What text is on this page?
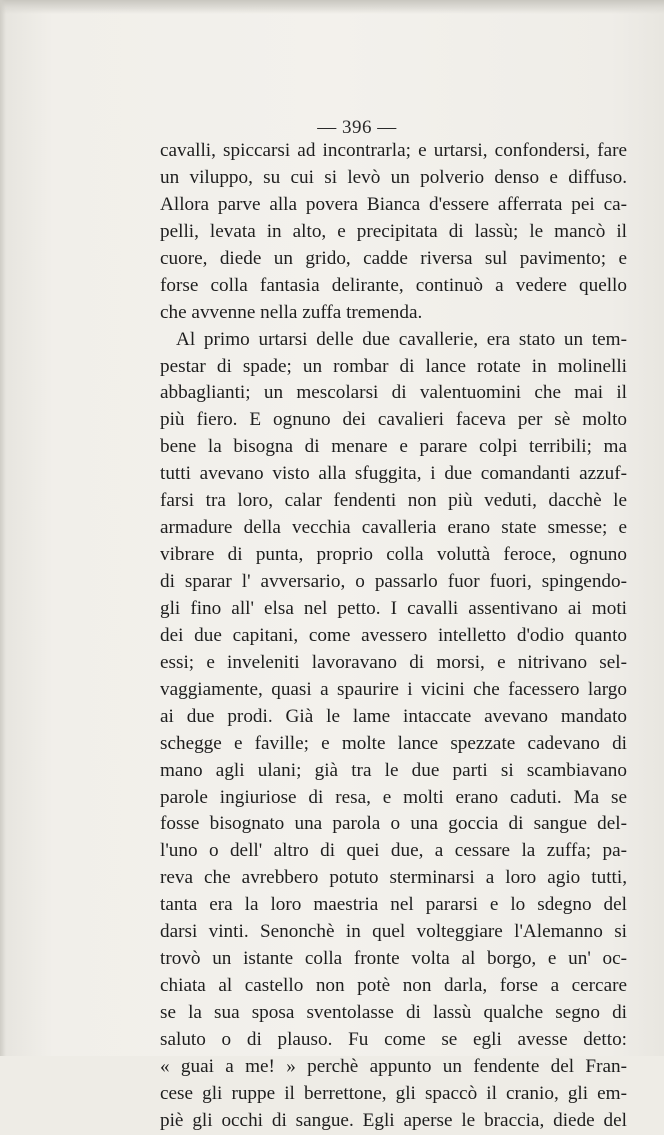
— 396 —
cavalli, spiccarsi ad incontrarla; e urtarsi, confondersi, fare
un viluppo, su cui si levò un polverio denso e diffuso.
Allora parve alla povera Bianca d'essere afferrata pei ca-
pelli, levata in alto, e precipitata di lassù; le mancò il
cuore, diede un grido, cadde riversa sul pavimento; e
forse colla fantasia delirante, continuò a vedere quello
che avvenne nella zuffa tremenda.
Al primo urtarsi delle due cavallerie, era stato un tem-
pestar di spade; un rombar di lance rotate in molinelli
abbaglianti; un mescolarsi di valentuomini che mai il
più fiero. E ognuno dei cavalieri faceva per sè molto
bene la bisogna di menare e parare colpi terribili; ma
tutti avevano visto alla sfuggita, i due comandanti azzuf-
farsi tra loro, calar fendenti non più veduti, dacchè le
armadure della vecchia cavalleria erano state smesse; e
vibrare di punta, proprio colla voluttà feroce, ognuno
di sparar l' avversario, o passarlo fuor fuori, spingendo-
gli fino all' elsa nel petto. I cavalli assentivano ai moti
dei due capitani, come avessero intelletto d'odio quanto
essi; e inveleniti lavoravano di morsi, e nitrivano sel-
vaggiamente, quasi a spaurire i vicini che facessero largo
ai due prodi. Già le lame intaccate avevano mandato
schegge e faville; e molte lance spezzate cadevano di
mano agli ulani; già tra le due parti si scambiavano
parole ingiuriose di resa, e molti erano caduti. Ma se
fosse bisognato una parola o una goccia di sangue del-
l'uno o dell' altro di quei due, a cessare la zuffa; pa-
reva che avrebbero potuto sterminarsi a loro agio tutti,
tanta era la loro maestria nel pararsi e lo sdegno del
darsi vinti. Senonchè in quel volteggiare l'Alemanno si
trovò un istante colla fronte volta al borgo, e un' oc-
chiata al castello non potè non darla, forse a cercare
se la sua sposa sventolasse di lassù qualche segno di
saluto o di plauso. Fu come se egli avesse detto:
« guai a me! » perchè appunto un fendente del Fran-
cese gli ruppe il berrettone, gli spaccò il cranio, gli em-
piè gli occhi di sangue. Egli aperse le braccia, diede del
